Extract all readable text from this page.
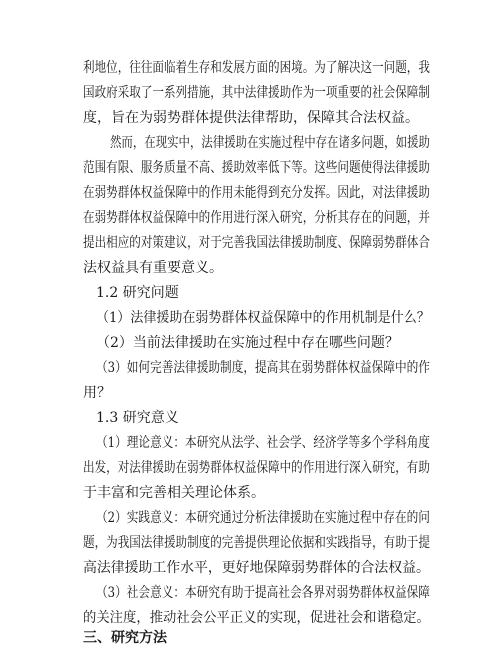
利地位，往往面临着生存和发展方面的困境。为了解决这一问题，我
国政府采取了一系列措施，其中法律援助作为一项重要的社会保障制
度，旨在为弱势群体提供法律帮助，保障其合法权益。
然而，在现实中，法律援助在实施过程中存在诸多问题，如援助
范围有限、服务质量不高、援助效率低下等。这些问题使得法律援助
在弱势群体权益保障中的作用未能得到充分发挥。因此，对法律援助
在弱势群体权益保障中的作用进行深入研究，分析其存在的问题，并
提出相应的对策建议，对于完善我国法律援助制度、保障弱势群体合
法权益具有重要意义。
1.2 研究问题
（1）法律援助在弱势群体权益保障中的作用机制是什么？
（2）当前法律援助在实施过程中存在哪些问题？
（3）如何完善法律援助制度，提高其在弱势群体权益保障中的作
用？
1.3 研究意义
（1）理论意义：本研究从法学、社会学、经济学等多个学科角度
出发，对法律援助在弱势群体权益保障中的作用进行深入研究，有助
于丰富和完善相关理论体系。
（2）实践意义：本研究通过分析法律援助在实施过程中存在的问
题，为我国法律援助制度的完善提供理论依据和实践指导，有助于提
高法律援助工作水平，更好地保障弱势群体的合法权益。
（3）社会意义：本研究有助于提高社会各界对弱势群体权益保障
的关注度，推动社会公平正义的实现，促进社会和谐稳定。
三、研究方法
